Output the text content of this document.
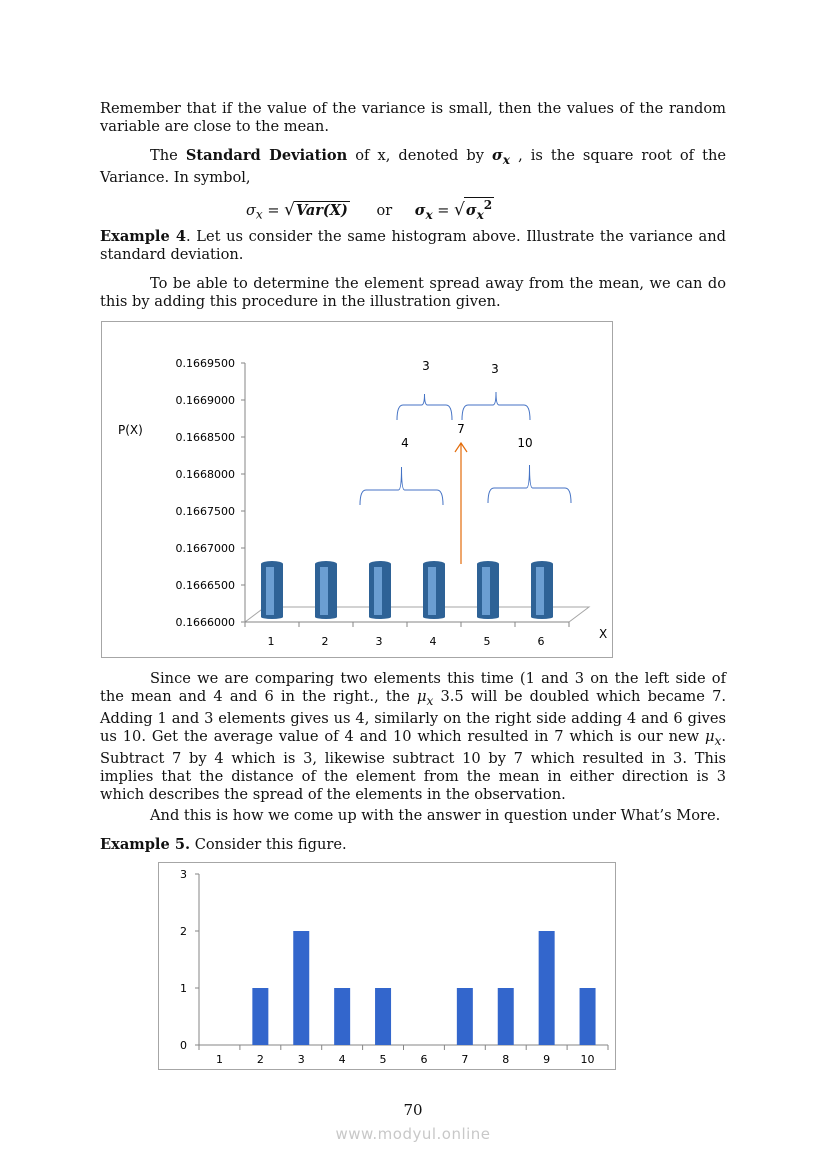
Remember that if the value of the variance is small, then the values of the random variable are close to the mean.

The Standard Deviation of x, denoted by $\sigma_x$ , is the square root of the Variance. In symbol,

$\sigma_x = √Var(X)$ or $\sigma_x = √\sigma_x^2$

Example 4. Let us consider the same histogram above. Illustrate the variance and standard deviation.

To be able to determine the element spread away from the mean, we can do this by adding this procedure in the illustration given.

0.1669500
0.1669000
0.1668500
0.1668000
0.1667500
0.1667000
0.1666500
0.1666000
P(X)
1	2	3	4	5	6
X
4	10
7
3	3

Since we are comparing two elements this time (1 and 3 on the left side of the mean and 4 and 6 in the right., the $\mu_x$ 3.5 will be doubled which became 7. Adding 1 and 3 elements gives us 4, similarly on the right side adding 4 and 6 gives us 10. Get the average value of 4 and 10 which resulted in 7 which is our new $\mu_x$. Subtract 7 by 4 which is 3, likewise subtract 10 by 7 which resulted in 3. This implies that the distance of the element from the mean in either direction is 3 which describes the spread of the elements in the observation.

And this is how we come up with the answer in question under What’s More.

Example 5. Consider this figure.

0
1
2
3
1	2	3	4	5	6	7	8	9	10
70
www.modyul.online
